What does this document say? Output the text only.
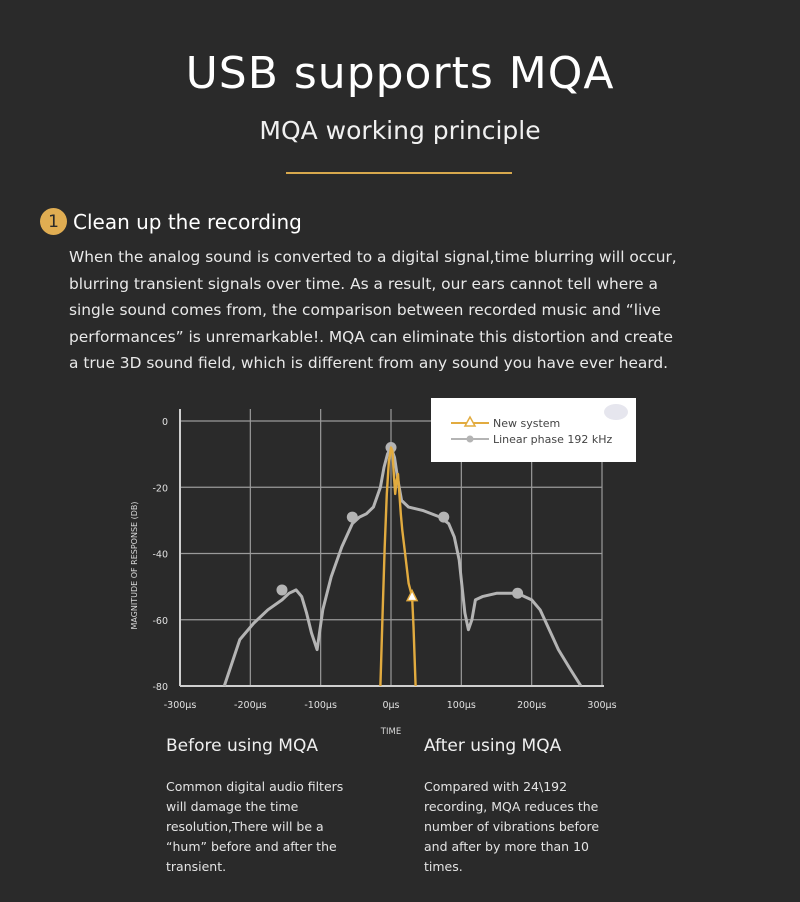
USB supports MQA
MQA working principle
1 Clean up the recording
When the analog sound is converted to a digital signal,time blurring will occur,
blurring transient signals over time. As a result, our ears cannot tell where a
single sound comes from, the comparison between recorded music and “live
performances” is unremarkable!. MQA can eliminate this distortion and create
a true 3D sound field, which is different from any sound you have ever heard.
-300μs	-200μs	-100μs	0μs	100μs	200μs	300μs
0
-20
-40
-60
-80
TIME
MAGNITUDE OF RESPONSE (DB)
New system
Linear phase 192 kHz
Before using MQA
Common digital audio filters
will damage the time
resolution,There will be a
“hum” before and after the
transient.
After using MQA
Compared with 24\192
recording, MQA reduces the
number of vibrations before
and after by more than 10
times.
